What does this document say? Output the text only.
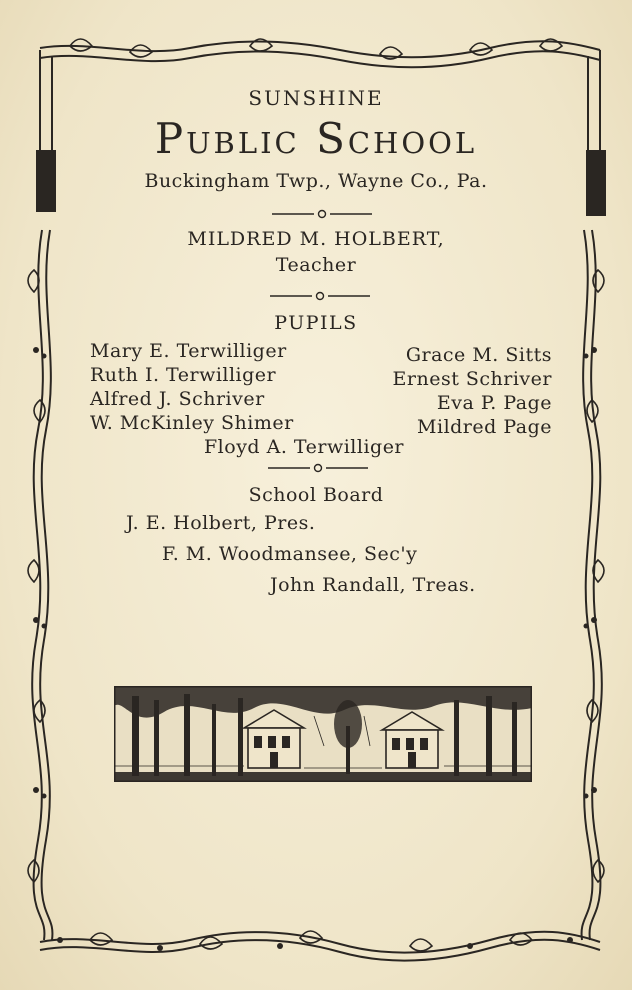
SUNSHINE
Public School
Buckingham Twp., Wayne Co., Pa.
MILDRED M. HOLBERT,
Teacher
PUPILS
Mary E. Terwilliger
Ruth I. Terwilliger
Alfred J. Schriver
W. McKinley Shimer
Grace M. Sitts
Ernest Schriver
Eva P. Page
Mildred Page
Floyd A. Terwilliger
School Board
J. E. Holbert, Pres.
F. M. Woodmansee, Sec'y
John Randall, Treas.
